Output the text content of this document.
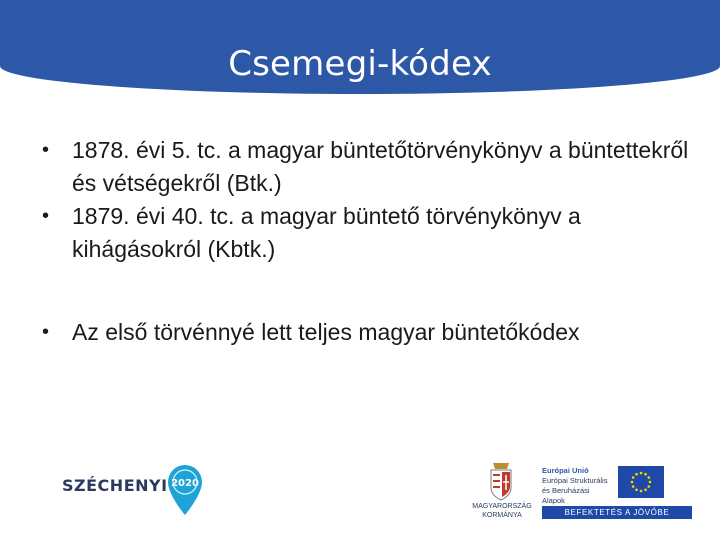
Csemegi-kódex
• 1878. évi 5. tc. a magyar büntetőtörvénykönyv a büntettekről és vétségekről (Btk.)
• 1879. évi 40. tc. a magyar büntető törvénykönyv a kihágásokról (Kbtk.)
• Az első törvénnyé lett teljes magyar büntetőkódex
SZÉCHENYI 2020
MAGYARORSZÁG
KORMÁNYA
Európai Unió
Európai Strukturális és Beruházási Alapok
BEFEKTETÉS A JÖVŐBE
